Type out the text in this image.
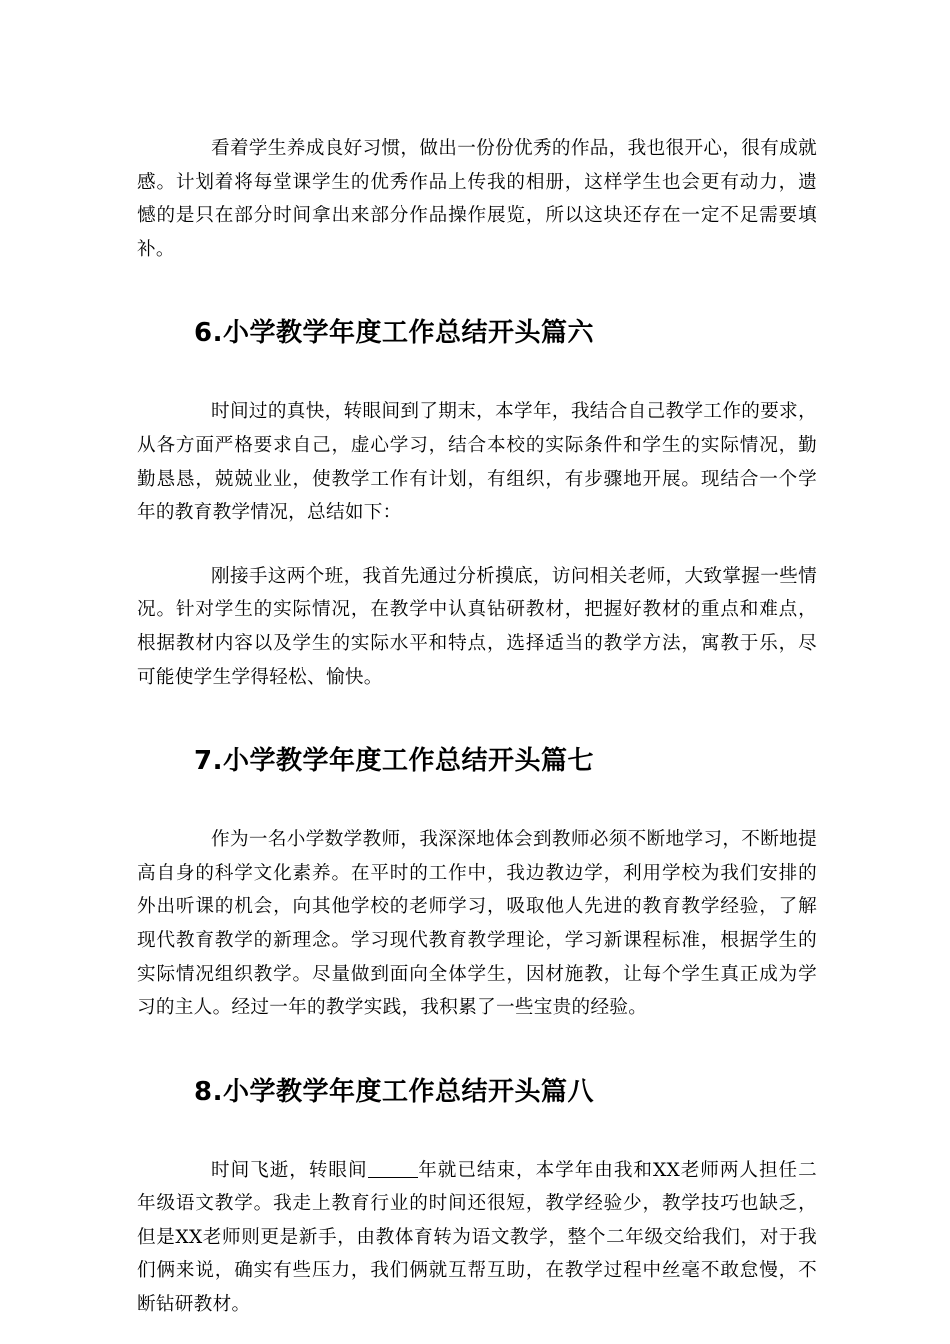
看着学生养成良好习惯，做出一份份优秀的作品，我也很开心，很有成就感。计划着将每堂课学生的优秀作品上传我的相册，这样学生也会更有动力，遗憾的是只在部分时间拿出来部分作品操作展览，所以这块还存在一定不足需要填补。

6.小学教学年度工作总结开头篇六

时间过的真快，转眼间到了期末，本学年，我结合自己教学工作的要求，从各方面严格要求自己，虚心学习，结合本校的实际条件和学生的实际情况，勤勤恳恳，兢兢业业，使教学工作有计划，有组织，有步骤地开展。现结合一个学年的教育教学情况，总结如下：

刚接手这两个班，我首先通过分析摸底，访问相关老师，大致掌握一些情况。针对学生的实际情况，在教学中认真钻研教材，把握好教材的重点和难点，根据教材内容以及学生的实际水平和特点，选择适当的教学方法，寓教于乐，尽可能使学生学得轻松、愉快。

7.小学教学年度工作总结开头篇七

作为一名小学数学教师，我深深地体会到教师必须不断地学习，不断地提高自身的科学文化素养。在平时的工作中，我边教边学，利用学校为我们安排的外出听课的机会，向其他学校的老师学习，吸取他人先进的教育教学经验，了解现代教育教学的新理念。学习现代教育教学理论，学习新课程标准，根据学生的实际情况组织教学。尽量做到面向全体学生，因材施教，让每个学生真正成为学习的主人。经过一年的教学实践，我积累了一些宝贵的经验。

8.小学教学年度工作总结开头篇八

时间飞逝，转眼间	年就已结束，本学年由我和XX老师两人担任二年级语文教学。我走上教育行业的时间还很短，教学经验少，教学技巧也缺乏，但是XX老师则更是新手，由教体育转为语文教学，整个二年级交给我们，对于我们俩来说，确实有些压力，我们俩就互帮互助，在教学过程中丝毫不敢怠慢，不断钻研教材。
